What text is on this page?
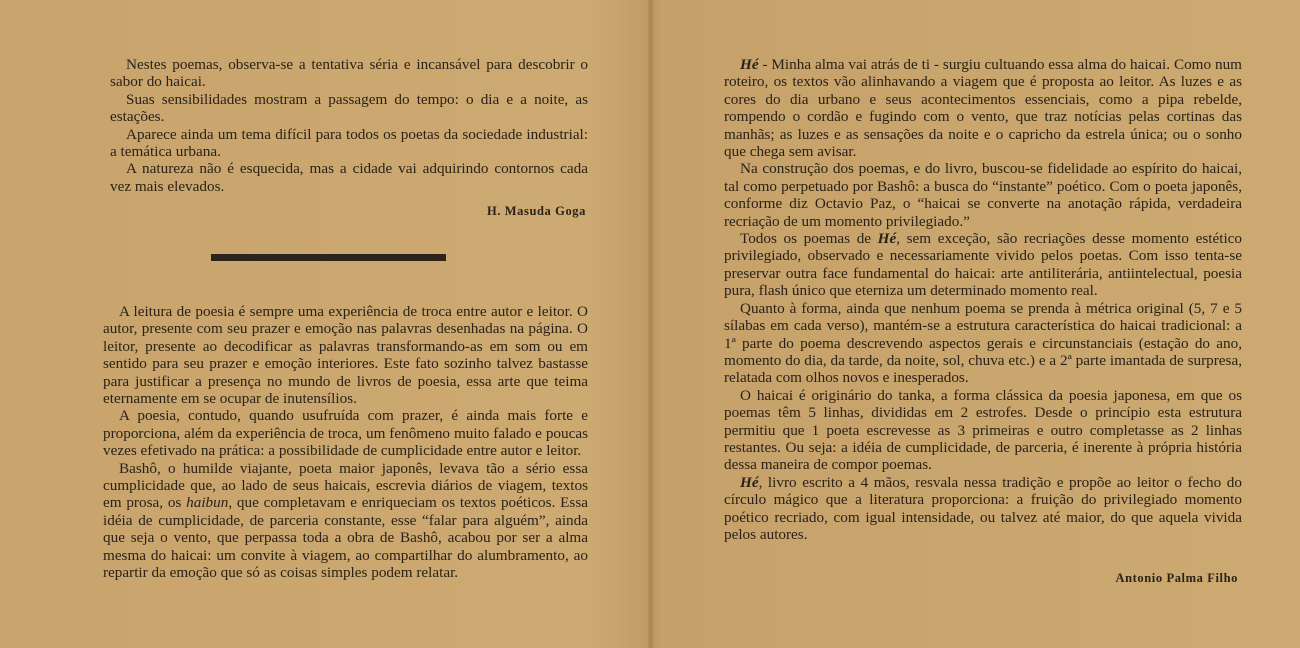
Nestes poemas, observa-se a tentativa séria e incansável para descobrir o sabor do haicai.

Suas sensibilidades mostram a passagem do tempo: o dia e a noite, as estações.

Aparece ainda um tema difícil para todos os poetas da sociedade industrial: a temática urbana.

A natureza não é esquecida, mas a cidade vai adquirindo contornos cada vez mais elevados.

H. Masuda Goga

A leitura de poesia é sempre uma experiência de troca entre autor e leitor. O autor, presente com seu prazer e emoção nas palavras desenhadas na página. O leitor, presente ao decodificar as palavras transformando-as em som ou em sentido para seu prazer e emoção interiores. Este fato sozinho talvez bastasse para justificar a presença no mundo de livros de poesia, essa arte que teima eternamente em se ocupar de inutensílios.

A poesia, contudo, quando usufruída com prazer, é ainda mais forte e proporciona, além da experiência de troca, um fenômeno muito falado e poucas vezes efetivado na prática: a possibilidade de cumplicidade entre autor e leitor.

Bashô, o humilde viajante, poeta maior japonês, levava tão a sério essa cumplicidade que, ao lado de seus haicais, escrevia diários de viagem, textos em prosa, os haibun, que completavam e enriqueciam os textos poéticos. Essa idéia de cumplicidade, de parceria constante, esse “falar para alguém”, ainda que seja o vento, que perpassa toda a obra de Bashô, acabou por ser a alma mesma do haicai: um convite à viagem, ao compartilhar do alumbramento, ao repartir da emoção que só as coisas simples podem relatar.

Hé - Minha alma vai atrás de ti - surgiu cultuando essa alma do haicai. Como num roteiro, os textos vão alinhavando a viagem que é proposta ao leitor. As luzes e as cores do dia urbano e seus acontecimentos essenciais, como a pipa rebelde, rompendo o cordão e fugindo com o vento, que traz notícias pelas cortinas das manhãs; as luzes e as sensações da noite e o capricho da estrela única; ou o sonho que chega sem avisar.

Na construção dos poemas, e do livro, buscou-se fidelidade ao espírito do haicai, tal como perpetuado por Bashô: a busca do “instante” poético. Com o poeta japonês, conforme diz Octavio Paz, o “haicai se converte na anotação rápida, verdadeira recriação de um momento privilegiado.”

Todos os poemas de Hé, sem exceção, são recriações desse momento estético privilegiado, observado e necessariamente vivido pelos poetas. Com isso tenta-se preservar outra face fundamental do haicai: arte antiliterária, antiintelectual, poesia pura, flash único que eterniza um determinado momento real.

Quanto à forma, ainda que nenhum poema se prenda à métrica original (5, 7 e 5 sílabas em cada verso), mantém-se a estrutura característica do haicai tradicional: a 1ª parte do poema descrevendo aspectos gerais e circunstanciais (estação do ano, momento do dia, da tarde, da noite, sol, chuva etc.) e a 2ª parte imantada de surpresa, relatada com olhos novos e inesperados.

O haicai é originário do tanka, a forma clássica da poesia japonesa, em que os poemas têm 5 linhas, divididas em 2 estrofes. Desde o princípio esta estrutura permitiu que 1 poeta escrevesse as 3 primeiras e outro completasse as 2 linhas restantes. Ou seja: a idéia de cumplicidade, de parceria, é inerente à própria história dessa maneira de compor poemas.

Hé, livro escrito a 4 mãos, resvala nessa tradição e propõe ao leitor o fecho do círculo mágico que a literatura proporciona: a fruição do privilegiado momento poético recriado, com igual intensidade, ou talvez até maior, do que aquela vivida pelos autores.

Antonio Palma Filho
